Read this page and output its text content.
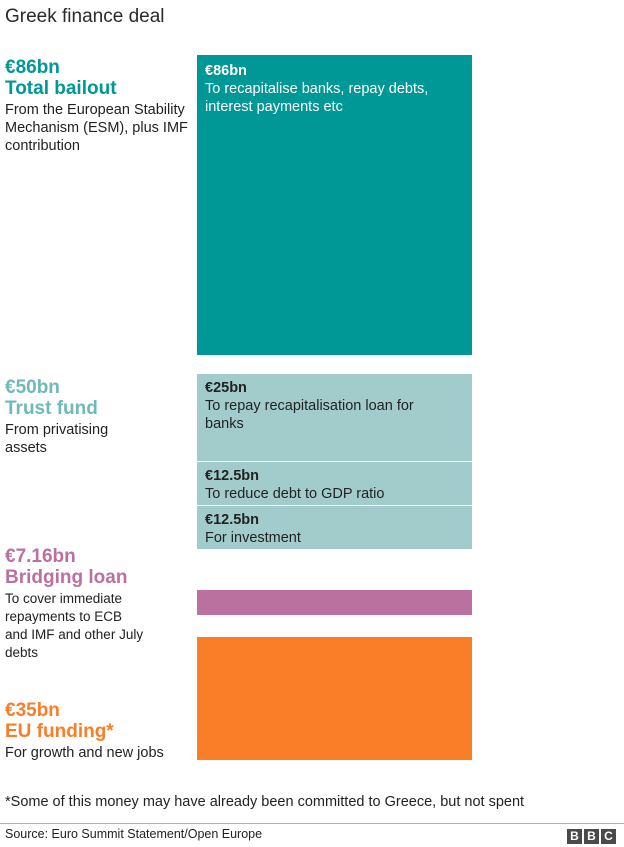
Greek finance deal
€86bn
Total bailout
From the European Stability Mechanism (ESM), plus IMF contribution
€50bn
Trust fund
From privatising assets
€7.16bn
Bridging loan
To cover immediate repayments to ECB and IMF and other July debts
€35bn
EU funding*
For growth and new jobs
€86bn
To recapitalise banks, repay debts, interest payments etc
€25bn
To repay recapitalisation loan for banks
€12.5bn
To reduce debt to GDP ratio
€12.5bn
For investment
*Some of this money may have already been committed to Greece, but not spent
Source: Euro Summit Statement/Open Europe	B B C
